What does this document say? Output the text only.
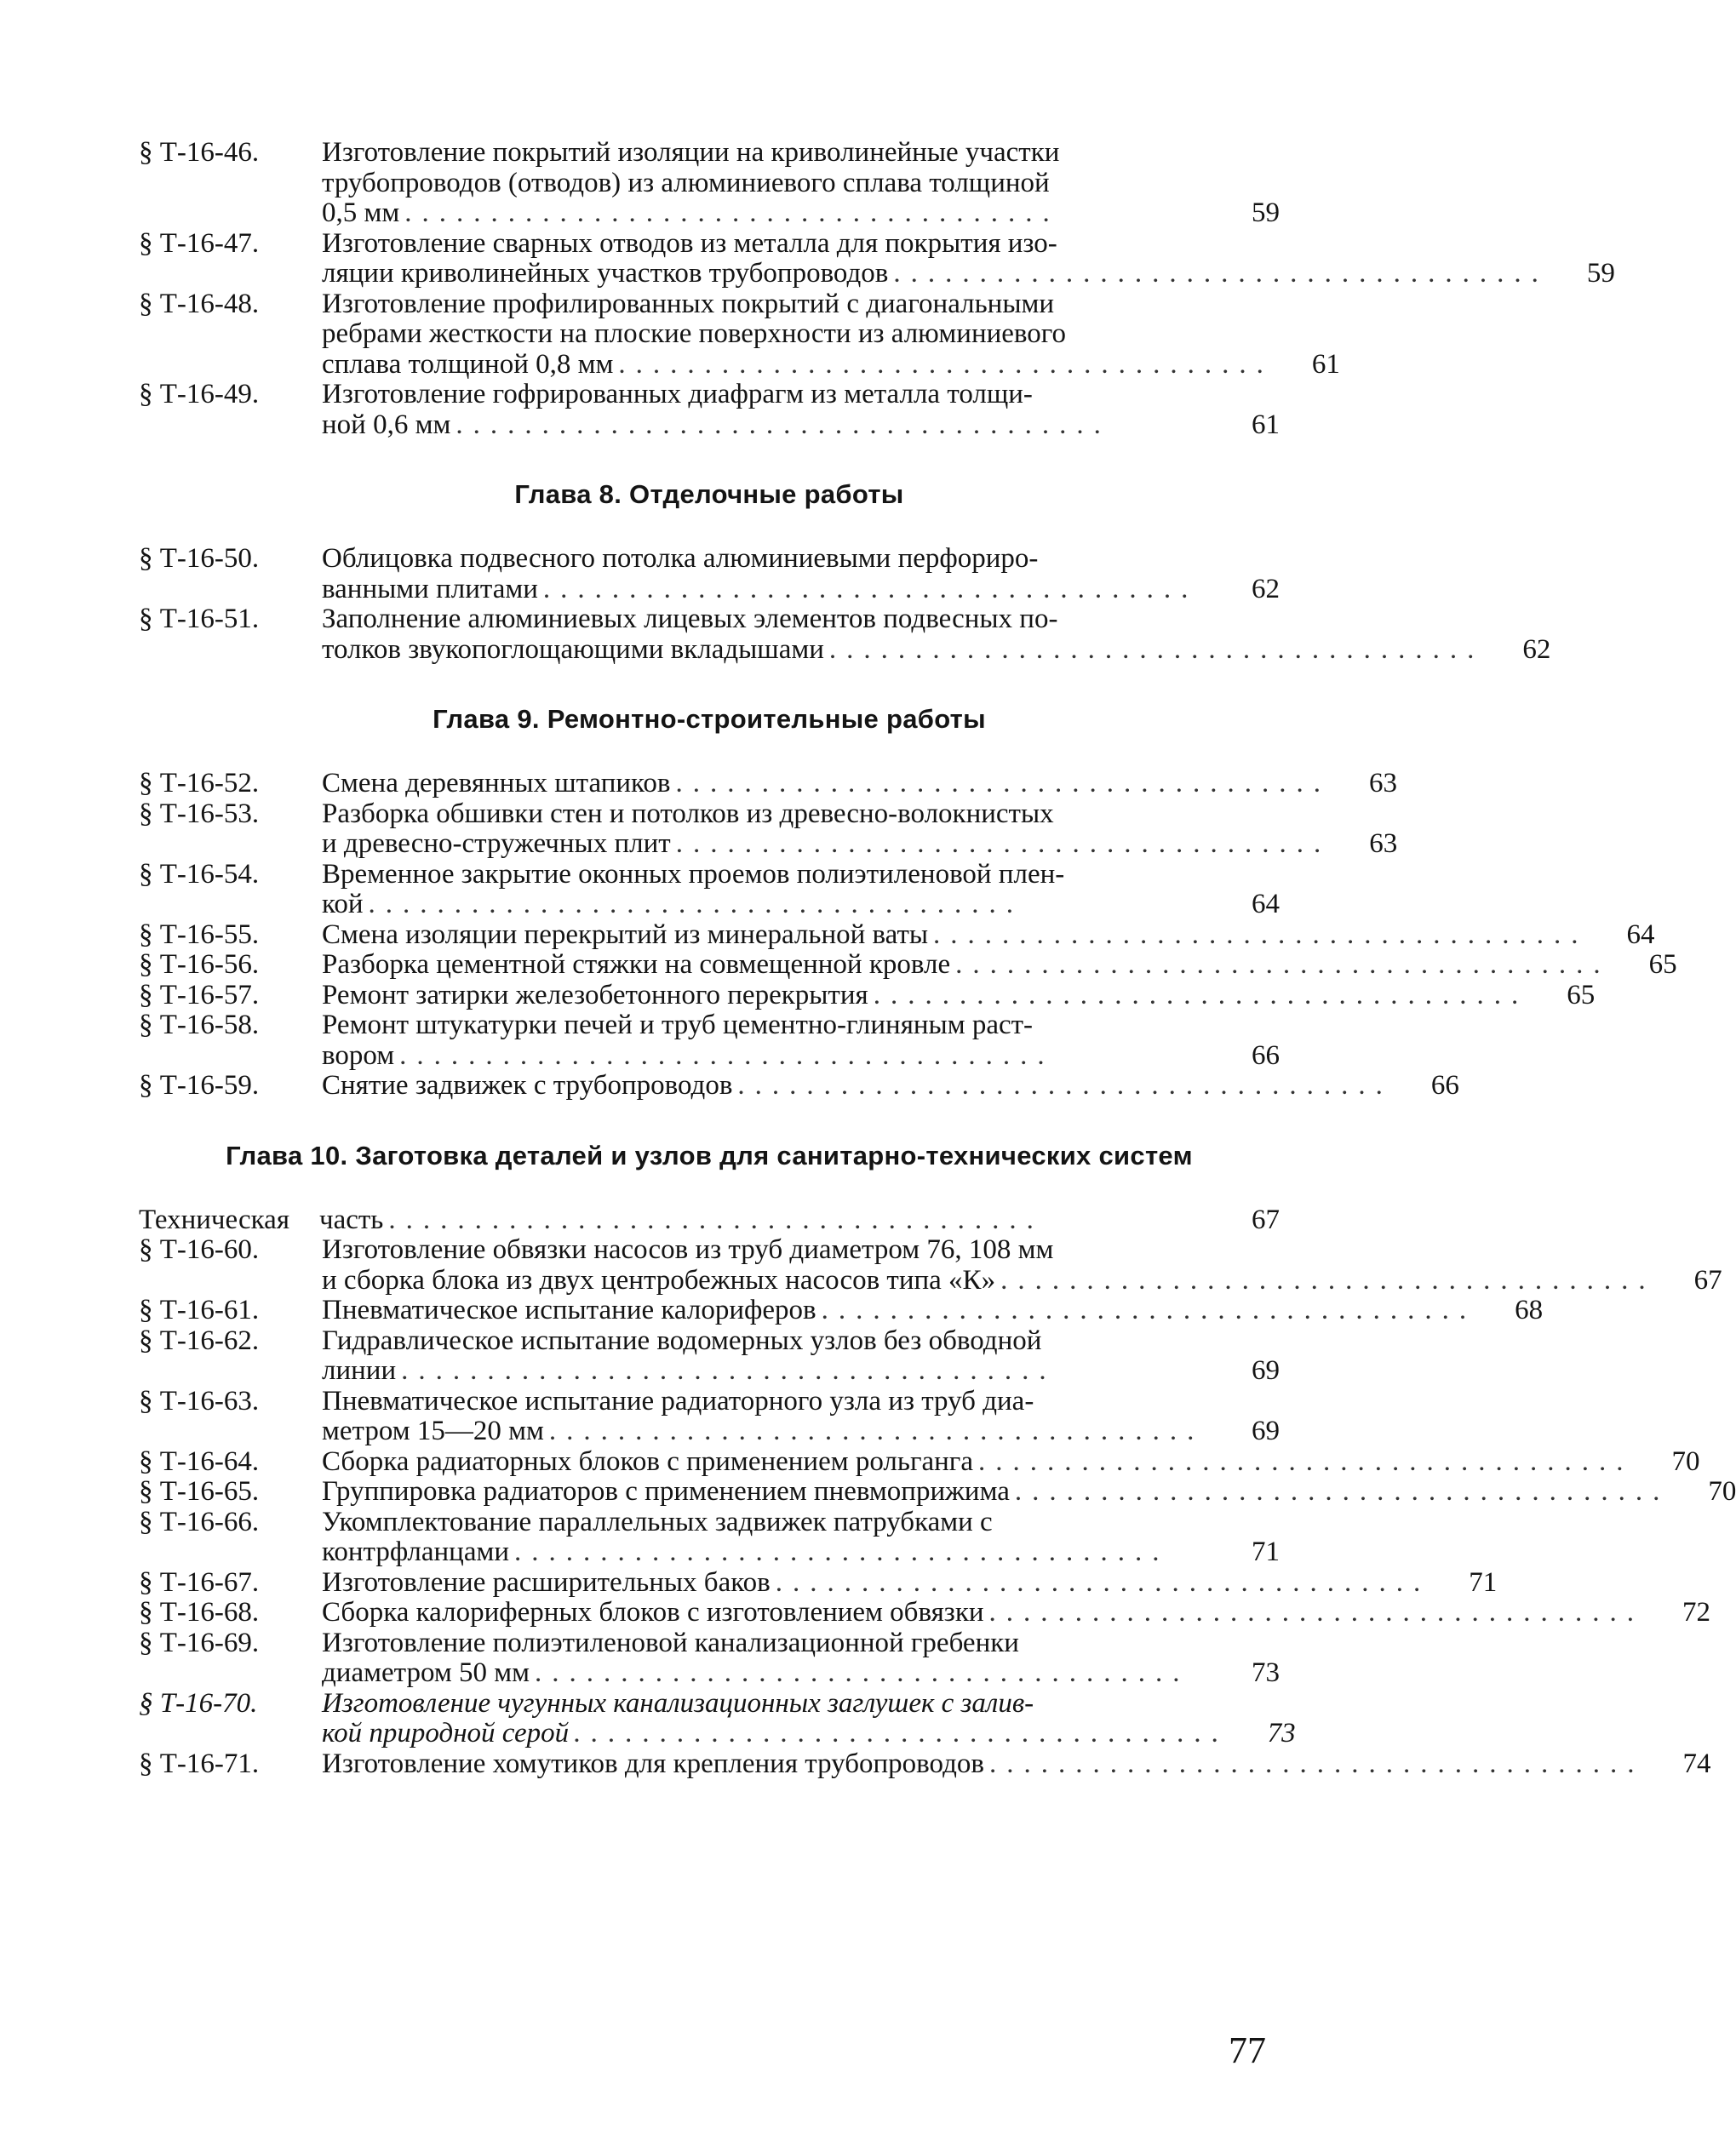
§ Т-16-46.	Изготовление покрытий изоляции на криволинейные участки
трубопроводов (отводов) из алюминиевого сплава толщиной
0,5 мм ......................................	59
§ Т-16-47.	Изготовление сварных отводов из металла для покрытия изо-
ляции криволинейных участков трубопроводов ......................................	59
§ Т-16-48.	Изготовление профилированных покрытий с диагональными
ребрами жесткости на плоские поверхности из алюминиевого
сплава толщиной 0,8 мм ......................................	61
§ Т-16-49.	Изготовление гофрированных диафрагм из металла толщи-
ной 0,6 мм ......................................	61
Глава 8. Отделочные работы
§ Т-16-50.	Облицовка подвесного потолка алюминиевыми перфориро-
ванными плитами ......................................	62
§ Т-16-51.	Заполнение алюминиевых лицевых элементов подвесных по-
толков звукопоглощающими вкладышами ......................................	62
Глава 9. Ремонтно-строительные работы
§ Т-16-52.	Смена деревянных штапиков ......................................	63
§ Т-16-53.	Разборка обшивки стен и потолков из древесно-волокнистых
и древесно-стружечных плит ......................................	63
§ Т-16-54.	Временное закрытие оконных проемов полиэтиленовой плен-
кой ......................................	64
§ Т-16-55.	Смена изоляции перекрытий из минеральной ваты ......................................	64
§ Т-16-56.	Разборка цементной стяжки на совмещенной кровле ......................................	65
§ Т-16-57.	Ремонт затирки железобетонного перекрытия ......................................	65
§ Т-16-58.	Ремонт штукатурки печей и труб цементно-глиняным раст-
вором ......................................	66
§ Т-16-59.	Снятие задвижек с трубопроводов ......................................	66
Глава 10. Заготовка деталей и узлов для санитарно-технических систем
Техническая	часть ......................................	67
§ Т-16-60.	Изготовление обвязки насосов из труб диаметром 76, 108 мм
и сборка блока из двух центробежных насосов типа «К» ......................................	67
§ Т-16-61.	Пневматическое испытание калориферов ......................................	68
§ Т-16-62.	Гидравлическое испытание водомерных узлов без обводной
линии ......................................	69
§ Т-16-63.	Пневматическое испытание радиаторного узла из труб диа-
метром 15—20 мм ......................................	69
§ Т-16-64.	Сборка радиаторных блоков с применением рольганга ......................................	70
§ Т-16-65.	Группировка радиаторов с применением пневмоприжима ......................................	70
§ Т-16-66.	Укомплектование параллельных задвижек патрубками с
контрфланцами ......................................	71
§ Т-16-67.	Изготовление расширительных баков ......................................	71
§ Т-16-68.	Сборка калориферных блоков с изготовлением обвязки ......................................	72
§ Т-16-69.	Изготовление полиэтиленовой канализационной гребенки
диаметром 50 мм ......................................	73
§ Т-16-70.	Изготовление чугунных канализационных заглушек с залив-
кой природной серой ......................................	73
§ Т-16-71.	Изготовление хомутиков для крепления трубопроводов ......................................	74
77
